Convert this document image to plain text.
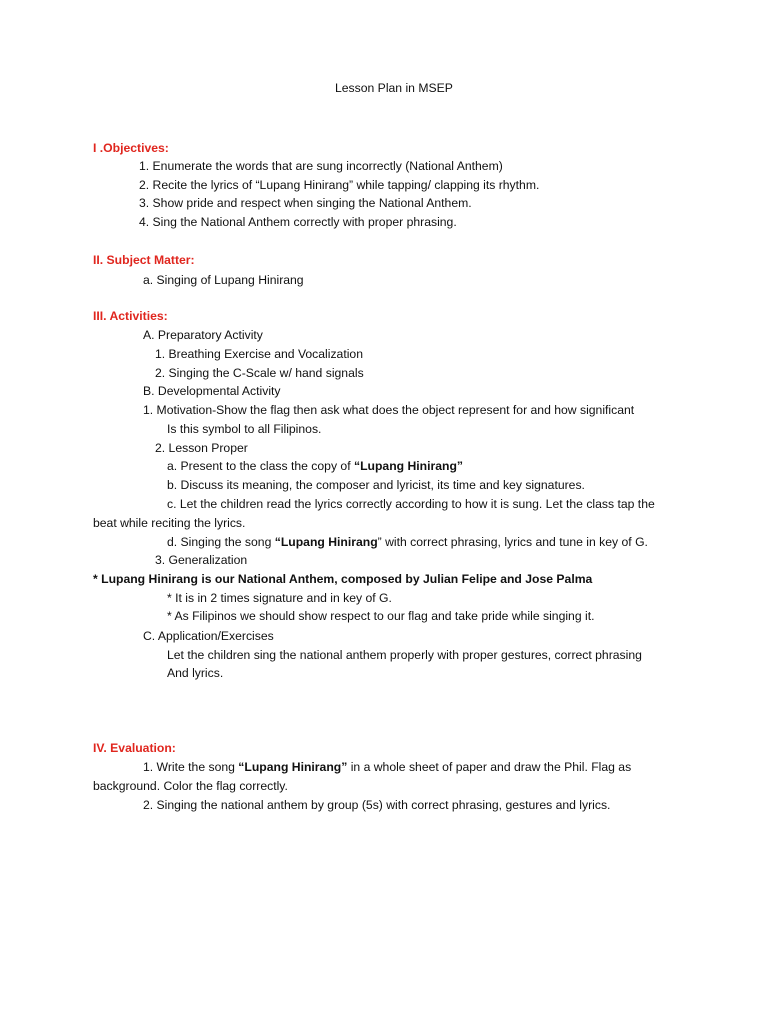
Lesson Plan in MSEP
I .Objectives:
1. Enumerate the words that are sung incorrectly (National Anthem)
2. Recite the lyrics of “Lupang Hinirang” while tapping/ clapping its rhythm.
3. Show pride and respect when singing the National Anthem.
4. Sing the National Anthem correctly with proper phrasing.
II. Subject Matter:
a. Singing of Lupang Hinirang
III. Activities:
A. Preparatory Activity
1. Breathing Exercise and Vocalization
2. Singing the C-Scale w/ hand signals
B. Developmental Activity
1. Motivation-Show the flag then ask what does the object represent for and how significant
Is this symbol to all Filipinos.
2. Lesson Proper
a. Present to the class the copy of “Lupang Hinirang”
b. Discuss its meaning, the composer and lyricist, its time and key signatures.
c. Let the children read the lyrics correctly according to how it is sung. Let the class tap the
beat while reciting the lyrics.
d. Singing the song “Lupang Hinirang” with correct phrasing, lyrics and tune in key of G.
3. Generalization
* Lupang Hinirang is our National Anthem, composed by Julian Felipe and Jose Palma
* It is in 2 times signature and in key of G.
* As Filipinos we should show respect to our flag and take pride while singing it.
C. Application/Exercises
Let the children sing the national anthem properly with proper gestures, correct phrasing
And lyrics.
IV. Evaluation:
1. Write the song “Lupang Hinirang” in a whole sheet of paper and draw the Phil. Flag as
background. Color the flag correctly.
2. Singing the national anthem by group (5s) with correct phrasing, gestures and lyrics.
